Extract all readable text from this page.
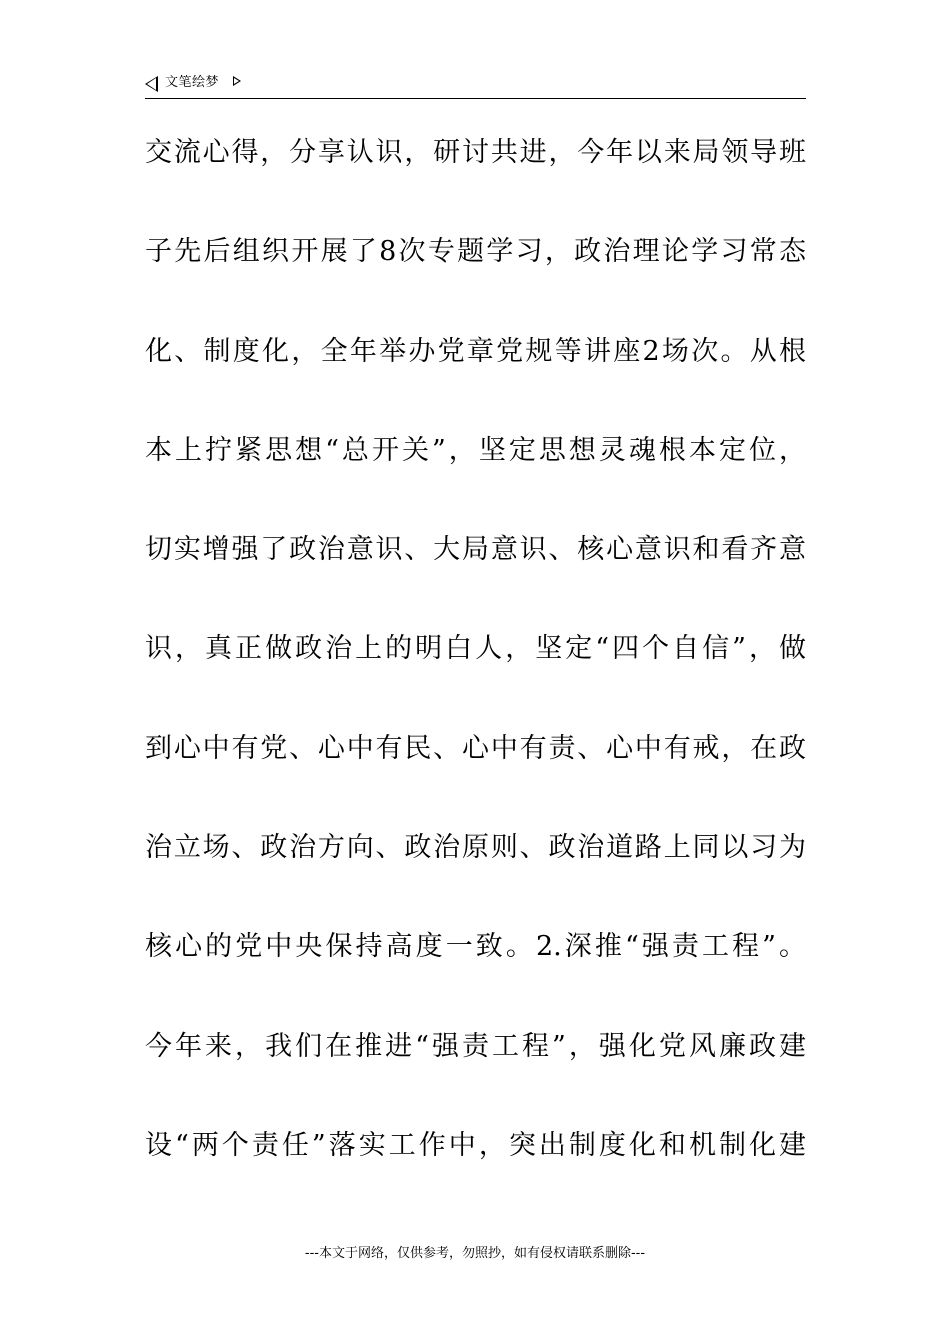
文笔绘梦
交流心得，分享认识，研讨共进，今年以来局领导班
子先后组织开展了8次专题学习，政治理论学习常态
化、制度化，全年举办党章党规等讲座2场次。从根
本上拧紧思想“总开关”，坚定思想灵魂根本定位，
切实增强了政治意识、大局意识、核心意识和看齐意
识，真正做政治上的明白人，坚定“四个自信”，做
到心中有党、心中有民、心中有责、心中有戒，在政
治立场、政治方向、政治原则、政治道路上同以习为
核心的党中央保持高度一致。2.深推“强责工程”。
今年来，我们在推进“强责工程”，强化党风廉政建
设“两个责任”落实工作中，突出制度化和机制化建
---本文于网络，仅供参考，勿照抄，如有侵权请联系删除---
